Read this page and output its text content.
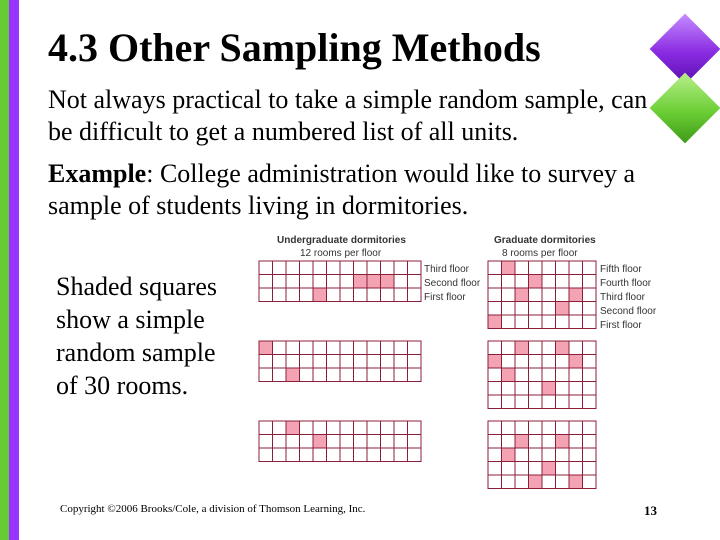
4.3 Other Sampling Methods
Not always practical to take a simple random sample, can be difficult to get a numbered list of all units.
Example: College administration would like to survey a sample of students living in dormitories.
Shaded squares show a simple random sample of 30 rooms.
Undergraduate dormitories
12 rooms per floor
Graduate dormitories
8 rooms per floor
Third floor
Second floor
First floor
Fifth floor
Fourth floor
Third floor
Second floor
First floor
Copyright ©2006 Brooks/Cole, a division of Thomson Learning, Inc.	13
